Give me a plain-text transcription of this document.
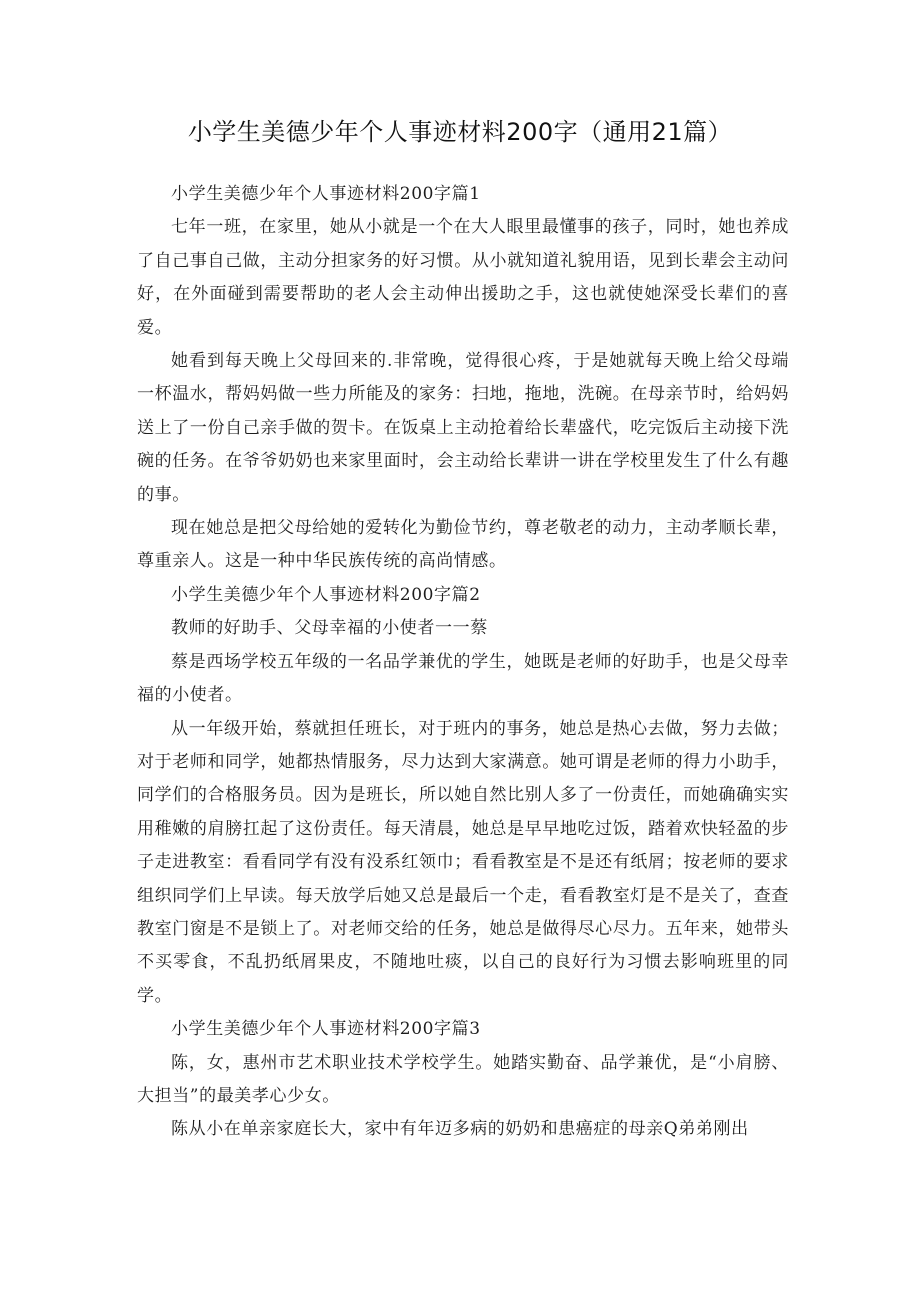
小学生美德少年个人事迹材料200字（通用21篇）

小学生美德少年个人事迹材料200字篇1

七年一班，在家里，她从小就是一个在大人眼里最懂事的孩子，同时，她也养成了自己事自己做，主动分担家务的好习惯。从小就知道礼貌用语，见到长辈会主动问好，在外面碰到需要帮助的老人会主动伸出援助之手，这也就使她深受长辈们的喜爱。

她看到每天晚上父母回来的.非常晚，觉得很心疼，于是她就每天晚上给父母端一杯温水，帮妈妈做一些力所能及的家务：扫地，拖地，洗碗。在母亲节时，给妈妈送上了一份自己亲手做的贺卡。在饭桌上主动抢着给长辈盛代，吃完饭后主动接下洗碗的任务。在爷爷奶奶也来家里面时，会主动给长辈讲一讲在学校里发生了什么有趣的事。

现在她总是把父母给她的爱转化为勤俭节约，尊老敬老的动力，主动孝顺长辈，尊重亲人。这是一种中华民族传统的高尚情感。

小学生美德少年个人事迹材料200字篇2

教师的好助手、父母幸福的小使者一一蔡

蔡是西场学校五年级的一名品学兼优的学生，她既是老师的好助手，也是父母幸福的小使者。

从一年级开始，蔡就担任班长，对于班内的事务，她总是热心去做，努力去做；对于老师和同学，她都热情服务，尽力达到大家满意。她可谓是老师的得力小助手，同学们的合格服务员。因为是班长，所以她自然比别人多了一份责任，而她确确实实用稚嫩的肩膀扛起了这份责任。每天清晨，她总是早早地吃过饭，踏着欢快轻盈的步子走进教室：看看同学有没有没系红领巾；看看教室是不是还有纸屑；按老师的要求组织同学们上早读。每天放学后她又总是最后一个走，看看教室灯是不是关了，查查教室门窗是不是锁上了。对老师交给的任务，她总是做得尽心尽力。五年来，她带头不买零食，不乱扔纸屑果皮，不随地吐痰，以自己的良好行为习惯去影响班里的同学。

小学生美德少年个人事迹材料200字篇3

陈，女，惠州市艺术职业技术学校学生。她踏实勤奋、品学兼优，是“小肩膀、大担当”的最美孝心少女。

陈从小在单亲家庭长大，家中有年迈多病的奶奶和患癌症的母亲Q弟弟刚出
